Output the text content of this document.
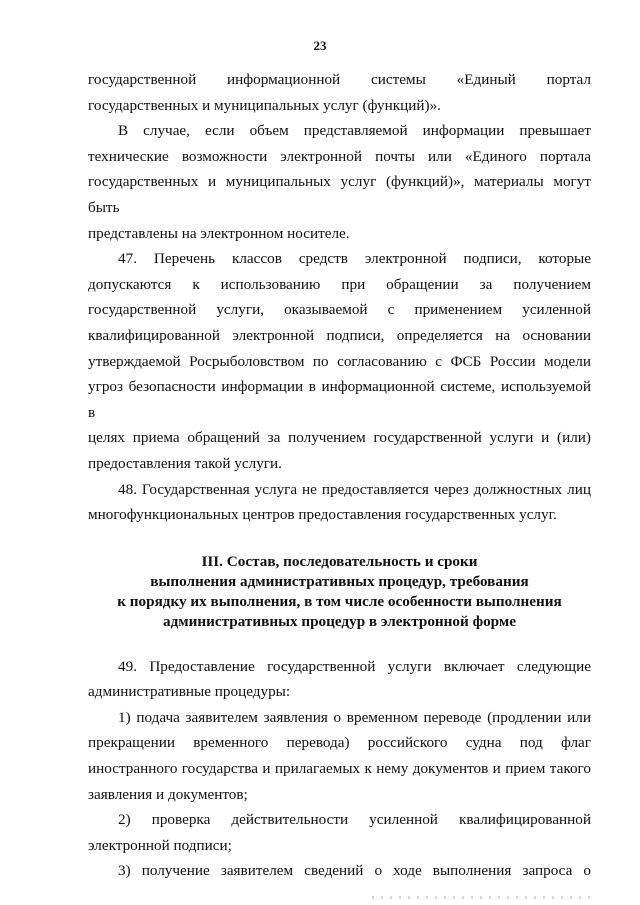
23
государственной информационной системы «Единый портал
государственных и муниципальных услуг (функций)».
В случае, если объем представляемой информации превышает
технические возможности электронной почты или «Единого портала
государственных и муниципальных услуг (функций)», материалы могут быть
представлены на электронном носителе.
47. Перечень классов средств электронной подписи, которые
допускаются к использованию при обращении за получением
государственной услуги, оказываемой с применением усиленной
квалифицированной электронной подписи, определяется на основании
утверждаемой Росрыболовством по согласованию с ФСБ России модели
угроз безопасности информации в информационной системе, используемой в
целях приема обращений за получением государственной услуги и (или)
предоставления такой услуги.
48. Государственная услуга не предоставляется через должностных лиц
многофункциональных центров предоставления государственных услуг.
III. Состав, последовательность и сроки
выполнения административных процедур, требования
к порядку их выполнения, в том числе особенности выполнения
административных процедур в электронной форме
49. Предоставление государственной услуги включает следующие
административные процедуры:
1) подача заявителем заявления о временном переводе (продлении или
прекращении временного перевода) российского судна под флаг
иностранного государства и прилагаемых к нему документов и прием такого
заявления и документов;
2) проверка действительности усиленной квалифицированной
электронной подписи;
3) получение заявителем сведений о ходе выполнения запроса о
